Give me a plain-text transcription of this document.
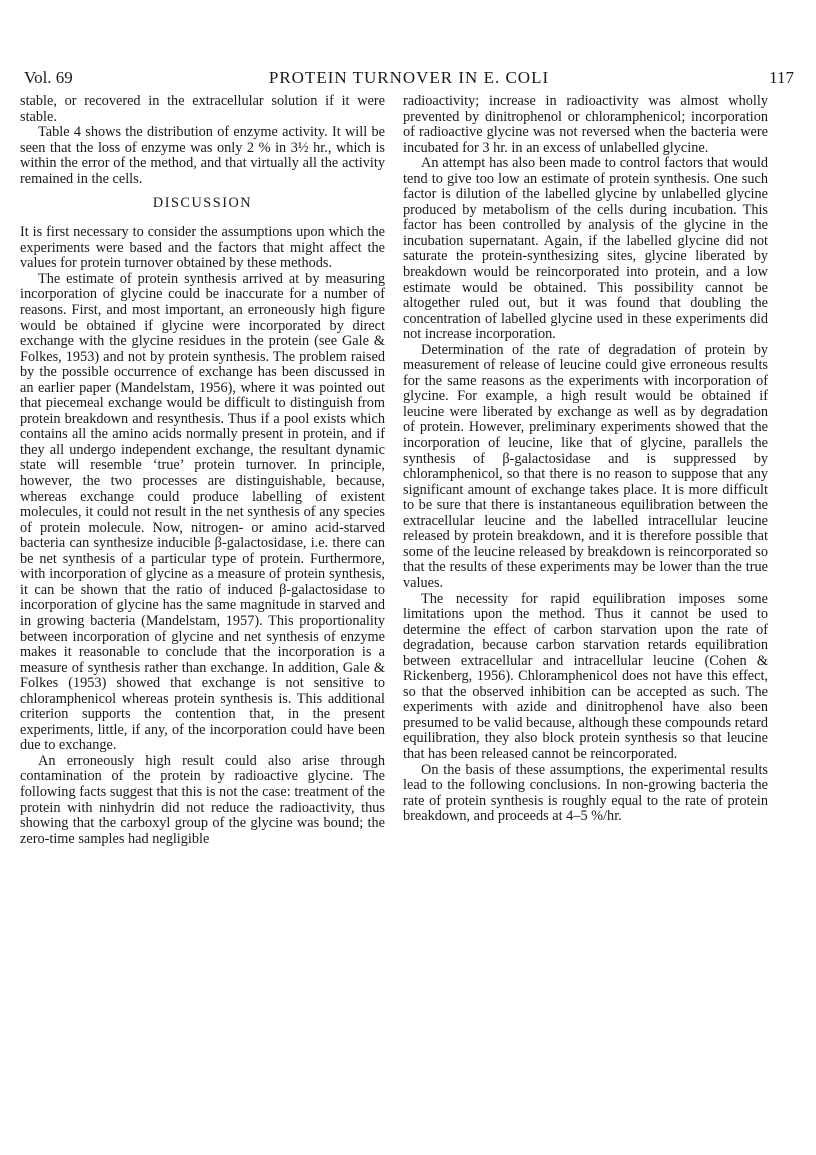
Vol. 69	PROTEIN TURNOVER IN E. COLI	117

stable, or recovered in the extracellular solution if it were stable.

Table 4 shows the distribution of enzyme activity. It will be seen that the loss of enzyme was only 2 % in 3½ hr., which is within the error of the method, and that virtually all the activity remained in the cells.

DISCUSSION

It is first necessary to consider the assumptions upon which the experiments were based and the factors that might affect the values for protein turnover obtained by these methods.

The estimate of protein synthesis arrived at by measuring incorporation of glycine could be inaccurate for a number of reasons. First, and most important, an erroneously high figure would be obtained if glycine were incorporated by direct exchange with the glycine residues in the protein (see Gale & Folkes, 1953) and not by protein synthesis. The problem raised by the possible occurrence of exchange has been discussed in an earlier paper (Mandelstam, 1956), where it was pointed out that piecemeal exchange would be difficult to distinguish from protein breakdown and resynthesis. Thus if a pool exists which contains all the amino acids normally present in protein, and if they all undergo independent exchange, the resultant dynamic state will resemble ‘true’ protein turnover. In principle, however, the two processes are distinguishable, because, whereas exchange could produce labelling of existent molecules, it could not result in the net synthesis of any species of protein molecule. Now, nitrogen- or amino acid-starved bacteria can synthesize inducible β-galactosidase, i.e. there can be net synthesis of a particular type of protein. Furthermore, with incorporation of glycine as a measure of protein synthesis, it can be shown that the ratio of induced β-galactosidase to incorporation of glycine has the same magnitude in starved and in growing bacteria (Mandelstam, 1957). This proportionality between incorporation of glycine and net synthesis of enzyme makes it reasonable to conclude that the incorporation is a measure of synthesis rather than exchange. In addition, Gale & Folkes (1953) showed that exchange is not sensitive to chloramphenicol whereas protein synthesis is. This additional criterion supports the contention that, in the present experiments, little, if any, of the incorporation could have been due to exchange.

An erroneously high result could also arise through contamination of the protein by radioactive glycine. The following facts suggest that this is not the case: treatment of the protein with ninhydrin did not reduce the radioactivity, thus showing that the carboxyl group of the glycine was bound; the zero-time samples had negligible

radioactivity; increase in radioactivity was almost wholly prevented by dinitrophenol or chloramphenicol; incorporation of radioactive glycine was not reversed when the bacteria were incubated for 3 hr. in an excess of unlabelled glycine.

An attempt has also been made to control factors that would tend to give too low an estimate of protein synthesis. One such factor is dilution of the labelled glycine by unlabelled glycine produced by metabolism of the cells during incubation. This factor has been controlled by analysis of the glycine in the incubation supernatant. Again, if the labelled glycine did not saturate the protein-synthesizing sites, glycine liberated by breakdown would be reincorporated into protein, and a low estimate would be obtained. This possibility cannot be altogether ruled out, but it was found that doubling the concentration of labelled glycine used in these experiments did not increase incorporation.

Determination of the rate of degradation of protein by measurement of release of leucine could give erroneous results for the same reasons as the experiments with incorporation of glycine. For example, a high result would be obtained if leucine were liberated by exchange as well as by degradation of protein. However, preliminary experiments showed that the incorporation of leucine, like that of glycine, parallels the synthesis of β-galactosidase and is suppressed by chloramphenicol, so that there is no reason to suppose that any significant amount of exchange takes place. It is more difficult to be sure that there is instantaneous equilibration between the extracellular leucine and the labelled intracellular leucine released by protein breakdown, and it is therefore possible that some of the leucine released by breakdown is reincorporated so that the results of these experiments may be lower than the true values.

The necessity for rapid equilibration imposes some limitations upon the method. Thus it cannot be used to determine the effect of carbon starvation upon the rate of degradation, because carbon starvation retards equilibration between extracellular and intracellular leucine (Cohen & Rickenberg, 1956). Chloramphenicol does not have this effect, so that the observed inhibition can be accepted as such. The experiments with azide and dinitrophenol have also been presumed to be valid because, although these compounds retard equilibration, they also block protein synthesis so that leucine that has been released cannot be reincorporated.

On the basis of these assumptions, the experimental results lead to the following conclusions. In non-growing bacteria the rate of protein synthesis is roughly equal to the rate of protein breakdown, and proceeds at 4–5 %/hr.
